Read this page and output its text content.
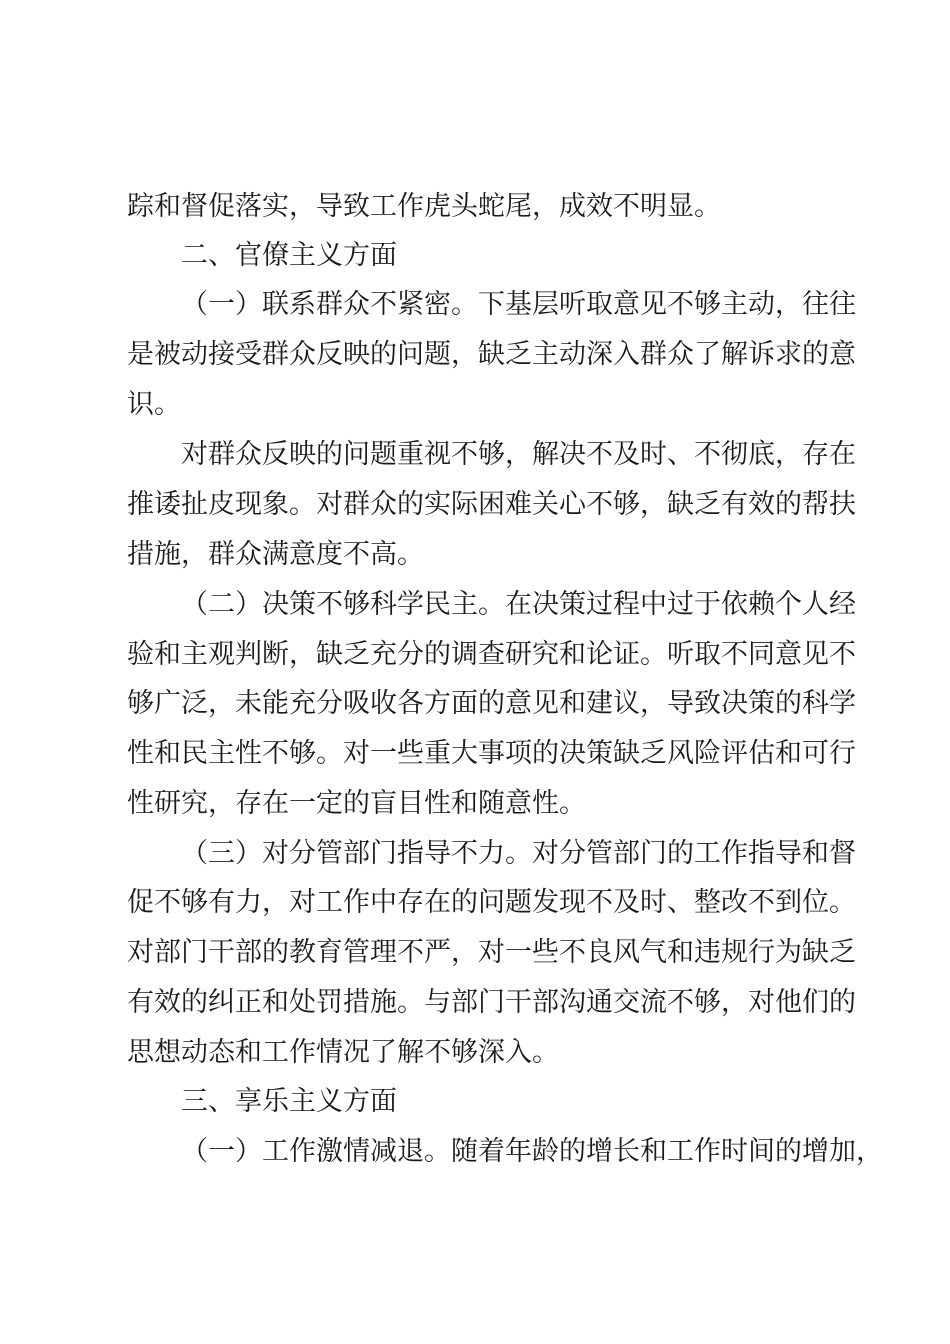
踪和督促落实，导致工作虎头蛇尾，成效不明显。
二、官僚主义方面
（一）联系群众不紧密。下基层听取意见不够主动，往往
是被动接受群众反映的问题，缺乏主动深入群众了解诉求的意
识。
对群众反映的问题重视不够，解决不及时、不彻底，存在
推诿扯皮现象。对群众的实际困难关心不够，缺乏有效的帮扶
措施，群众满意度不高。
（二）决策不够科学民主。在决策过程中过于依赖个人经
验和主观判断，缺乏充分的调查研究和论证。听取不同意见不
够广泛，未能充分吸收各方面的意见和建议，导致决策的科学
性和民主性不够。对一些重大事项的决策缺乏风险评估和可行
性研究，存在一定的盲目性和随意性。
（三）对分管部门指导不力。对分管部门的工作指导和督
促不够有力，对工作中存在的问题发现不及时、整改不到位。
对部门干部的教育管理不严，对一些不良风气和违规行为缺乏
有效的纠正和处罚措施。与部门干部沟通交流不够，对他们的
思想动态和工作情况了解不够深入。
三、享乐主义方面
（一）工作激情减退。随着年龄的增长和工作时间的增加，
